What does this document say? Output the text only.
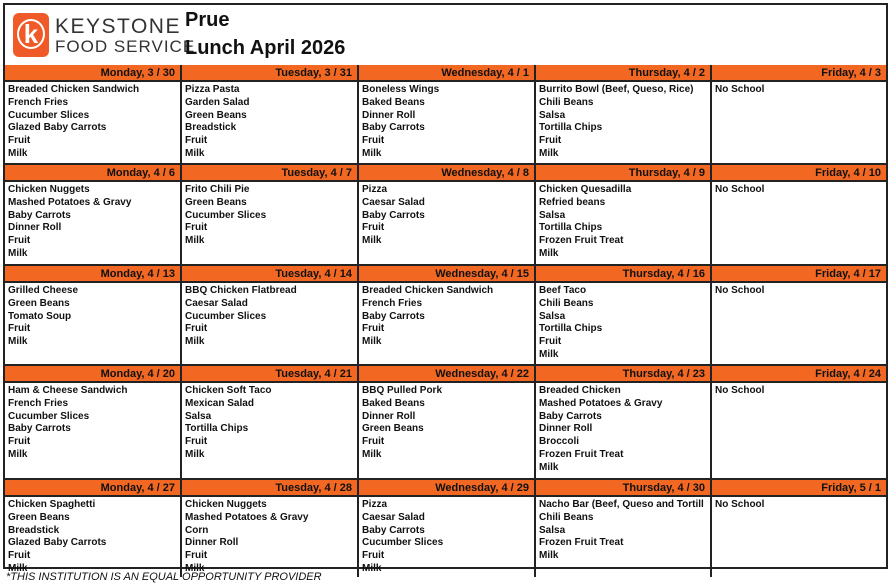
k KEYSTONE
FOOD SERVICE
Prue
Lunch April 2026
Monday, 3 / 30
Breaded Chicken Sandwich
French Fries
Cucumber Slices
Glazed Baby Carrots
Fruit
Milk
Tuesday, 3 / 31
Pizza Pasta
Garden Salad
Green Beans
Breadstick
Fruit
Milk
Wednesday, 4 / 1
Boneless Wings
Baked Beans
Dinner Roll
Baby Carrots
Fruit
Milk
Thursday, 4 / 2
Burrito Bowl (Beef, Queso, Rice)
Chili Beans
Salsa
Tortilla Chips
Fruit
Milk
Friday, 4 / 3
No School
Monday, 4 / 6
Chicken Nuggets
Mashed Potatoes & Gravy
Baby Carrots
Dinner Roll
Fruit
Milk
Tuesday, 4 / 7
Frito Chili Pie
Green Beans
Cucumber Slices
Fruit
Milk
Wednesday, 4 / 8
Pizza
Caesar Salad
Baby Carrots
Fruit
Milk
Thursday, 4 / 9
Chicken Quesadilla
Refried beans
Salsa
Tortilla Chips
Frozen Fruit Treat
Milk
Friday, 4 / 10
No School
Monday, 4 / 13
Grilled Cheese
Green Beans
Tomato Soup
Fruit
Milk
Tuesday, 4 / 14
BBQ Chicken Flatbread
Caesar Salad
Cucumber Slices
Fruit
Milk
Wednesday, 4 / 15
Breaded Chicken Sandwich
French Fries
Baby Carrots
Fruit
Milk
Thursday, 4 / 16
Beef Taco
Chili Beans
Salsa
Tortilla Chips
Fruit
Milk
Friday, 4 / 17
No School
Monday, 4 / 20
Ham & Cheese Sandwich
French Fries
Cucumber Slices
Baby Carrots
Fruit
Milk
Tuesday, 4 / 21
Chicken Soft Taco
Mexican Salad
Salsa
Tortilla Chips
Fruit
Milk
Wednesday, 4 / 22
BBQ Pulled Pork
Baked Beans
Dinner Roll
Green Beans
Fruit
Milk
Thursday, 4 / 23
Breaded Chicken
Mashed Potatoes & Gravy
Baby Carrots
Dinner Roll
Broccoli
Frozen Fruit Treat
Milk
Friday, 4 / 24
No School
Monday, 4 / 27
Chicken Spaghetti
Green Beans
Breadstick
Glazed Baby Carrots
Fruit
Milk
Tuesday, 4 / 28
Chicken Nuggets
Mashed Potatoes & Gravy
Corn
Dinner Roll
Fruit
Milk
Wednesday, 4 / 29
Pizza
Caesar Salad
Baby Carrots
Cucumber Slices
Fruit
Milk
Thursday, 4 / 30
Nacho Bar (Beef, Queso and Tortill
Chili Beans
Salsa
Frozen Fruit Treat
Milk
Friday, 5 / 1
No School
*THIS INSTITUTION IS AN EQUAL OPPORTUNITY PROVIDER
